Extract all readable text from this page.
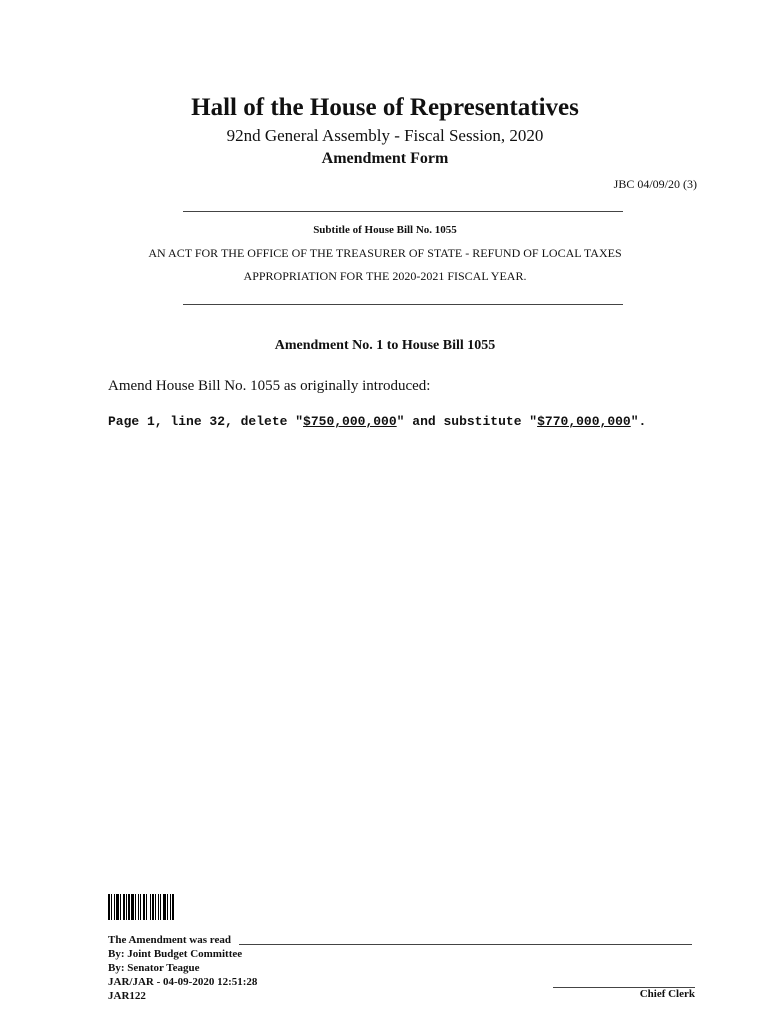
Hall of the House of Representatives
92nd General Assembly - Fiscal Session, 2020
Amendment Form
JBC 04/09/20 (3)
Subtitle of House Bill No. 1055
AN ACT FOR THE OFFICE OF THE TREASURER OF STATE - REFUND OF LOCAL TAXES
APPROPRIATION FOR THE 2020-2021 FISCAL YEAR.
Amendment No. 1 to House Bill 1055
Amend House Bill No. 1055 as originally introduced:
Page 1, line 32, delete "$750,000,000" and substitute "$770,000,000".
The Amendment was read
By: Joint Budget Committee
By: Senator Teague
JAR/JAR - 04-09-2020 12:51:28
JAR122	Chief Clerk
